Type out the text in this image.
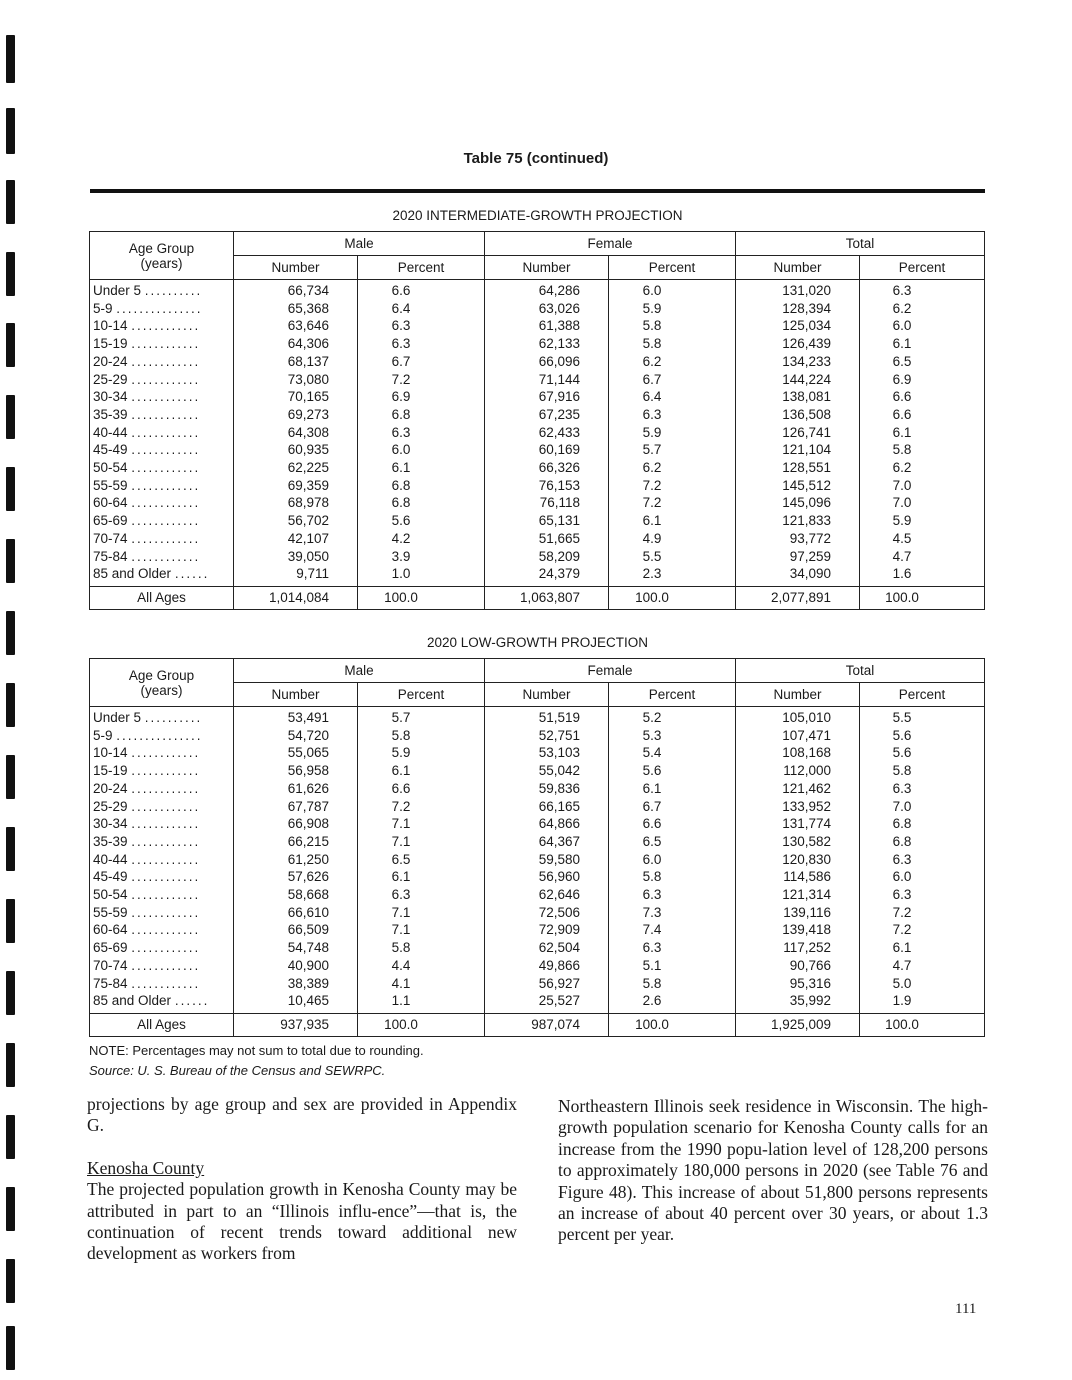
Table 75 (continued)
2020 INTERMEDIATE-GROWTH PROJECTION
Age Group
(years)	Male		Female		Total	
	Number	Percent	Number	Percent	Number	Percent
Under 5 ..........	66,734	6.6	64,286	6.0	131,020	6.3
5-9 ...............	65,368	6.4	63,026	5.9	128,394	6.2
10-14 ............	63,646	6.3	61,388	5.8	125,034	6.0
15-19 ............	64,306	6.3	62,133	5.8	126,439	6.1
20-24 ............	68,137	6.7	66,096	6.2	134,233	6.5
25-29 ............	73,080	7.2	71,144	6.7	144,224	6.9
30-34 ............	70,165	6.9	67,916	6.4	138,081	6.6
35-39 ............	69,273	6.8	67,235	6.3	136,508	6.6
40-44 ............	64,308	6.3	62,433	5.9	126,741	6.1
45-49 ............	60,935	6.0	60,169	5.7	121,104	5.8
50-54 ............	62,225	6.1	66,326	6.2	128,551	6.2
55-59 ............	69,359	6.8	76,153	7.2	145,512	7.0
60-64 ............	68,978	6.8	76,118	7.2	145,096	7.0
65-69 ............	56,702	5.6	65,131	6.1	121,833	5.9
70-74 ............	42,107	4.2	51,665	4.9	93,772	4.5
75-84 ............	39,050	3.9	58,209	5.5	97,259	4.7
85 and Older ......	9,711	1.0	24,379	2.3	34,090	1.6
All Ages	1,014,084	100.0	1,063,807	100.0	2,077,891	100.0
2020 LOW-GROWTH PROJECTION
Age Group
(years)	Male		Female		Total	
	Number	Percent	Number	Percent	Number	Percent
Under 5 ..........	53,491	5.7	51,519	5.2	105,010	5.5
5-9 ...............	54,720	5.8	52,751	5.3	107,471	5.6
10-14 ............	55,065	5.9	53,103	5.4	108,168	5.6
15-19 ............	56,958	6.1	55,042	5.6	112,000	5.8
20-24 ............	61,626	6.6	59,836	6.1	121,462	6.3
25-29 ............	67,787	7.2	66,165	6.7	133,952	7.0
30-34 ............	66,908	7.1	64,866	6.6	131,774	6.8
35-39 ............	66,215	7.1	64,367	6.5	130,582	6.8
40-44 ............	61,250	6.5	59,580	6.0	120,830	6.3
45-49 ............	57,626	6.1	56,960	5.8	114,586	6.0
50-54 ............	58,668	6.3	62,646	6.3	121,314	6.3
55-59 ............	66,610	7.1	72,506	7.3	139,116	7.2
60-64 ............	66,509	7.1	72,909	7.4	139,418	7.2
65-69 ............	54,748	5.8	62,504	6.3	117,252	6.1
70-74 ............	40,900	4.4	49,866	5.1	90,766	4.7
75-84 ............	38,389	4.1	56,927	5.8	95,316	5.0
85 and Older ......	10,465	1.1	25,527	2.6	35,992	1.9
All Ages	937,935	100.0	987,074	100.0	1,925,009	100.0
NOTE: Percentages may not sum to total due to rounding.
Source: U. S. Bureau of the Census and SEWRPC.
projections by age group and sex are provided in Appendix G.
Kenosha County
The projected population growth in Kenosha County may be attributed in part to an “Illinois influ-ence”—that is, the continuation of recent trends toward additional new development as workers from
Northeastern Illinois seek residence in Wisconsin. The high-growth population scenario for Kenosha County calls for an increase from the 1990 popu-lation level of 128,200 persons to approximately 180,000 persons in 2020 (see Table 76 and Figure 48). This increase of about 51,800 persons represents an increase of about 40 percent over 30 years, or about 1.3 percent per year.
111
